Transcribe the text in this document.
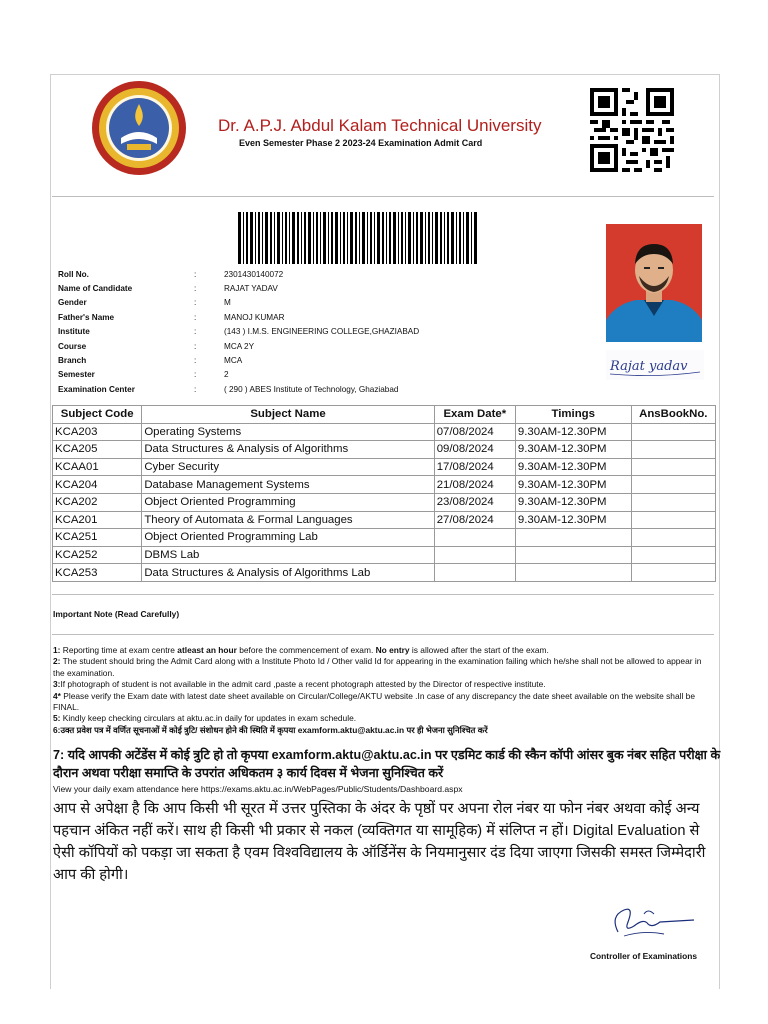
Dr. A.P.J. Abdul Kalam Technical University
Even Semester Phase 2 2023-24 Examination Admit Card
Rajat yadav
Roll No.	:	2301430140072
Name of Candidate	:	RAJAT YADAV
Gender	:	M
Father's Name	:	MANOJ KUMAR
Institute	:	(143 ) I.M.S. ENGINEERING COLLEGE,GHAZIABAD
Course	:	MCA 2Y
Branch	:	MCA
Semester	:	2
Examination Center	:	( 290 ) ABES Institute of Technology, Ghaziabad
Subject Code	Subject Name	Exam Date*	Timings	AnsBookNo.
KCA203	Operating Systems	07/08/2024	9.30AM-12.30PM	
KCA205	Data Structures & Analysis of Algorithms	09/08/2024	9.30AM-12.30PM	
KCAA01	Cyber Security	17/08/2024	9.30AM-12.30PM	
KCA204	Database Management Systems	21/08/2024	9.30AM-12.30PM	
KCA202	Object Oriented Programming	23/08/2024	9.30AM-12.30PM	
KCA201	Theory of Automata & Formal Languages	27/08/2024	9.30AM-12.30PM	
KCA251	Object Oriented Programming Lab			
KCA252	DBMS Lab			
KCA253	Data Structures & Analysis of Algorithms Lab			
Important Note (Read Carefully)

1: Reporting time at exam centre atleast an hour before the commencement of exam. No entry is allowed after the start of the exam.

2: The student should bring the Admit Card along with a Institute Photo Id / Other valid Id for appearing in the examination failing which he/she shall not be allowed to appear in the examination.

3:If photograph of student is not available in the admit card ,paste a recent photograph attested by the Director of respective institute.

4* Please verify the Exam date with latest date sheet available on Circular/College/AKTU website .In case of any discrepancy the date sheet available on the website shall be FINAL.

5: Kindly keep checking circulars at aktu.ac.in daily for updates in exam schedule.

6:उक्त प्रवेश पत्र में वर्णित सूचनाओं में कोई त्रुटि/ संशोधन होने की स्थिति में कृपया examform.aktu@aktu.ac.in पर ही भेजना सुनिश्चित करें

7: यदि आपकी अटेंडेंस में कोई त्रुटि हो तो कृपया examform.aktu@aktu.ac.in पर एडमिट कार्ड की स्कैन कॉपी आंसर बुक नंबर सहित परीक्षा के दौरान अथवा परीक्षा समाप्ति के उपरांत अधिकतम ३ कार्य दिवस में भेजना सुनिश्चित करें
View your daily exam attendance here https://exams.aktu.ac.in/WebPages/Public/Students/Dashboard.aspx
आप से अपेक्षा है कि आप किसी भी सूरत में उत्तर पुस्तिका के अंदर के पृष्ठों पर अपना रोल नंबर या फोन नंबर अथवा कोई अन्य पहचान अंकित नहीं करें। साथ ही किसी भी प्रकार से नकल (व्यक्तिगत या सामूहिक) में संलिप्त न हों। Digital Evaluation से ऐसी कॉपियों को पकड़ा जा सकता है एवम विश्वविद्यालय के ऑर्डिनेंस के नियमानुसार दंड दिया जाएगा जिसकी समस्त जिम्मेदारी आप की होगी।
Controller of Examinations
